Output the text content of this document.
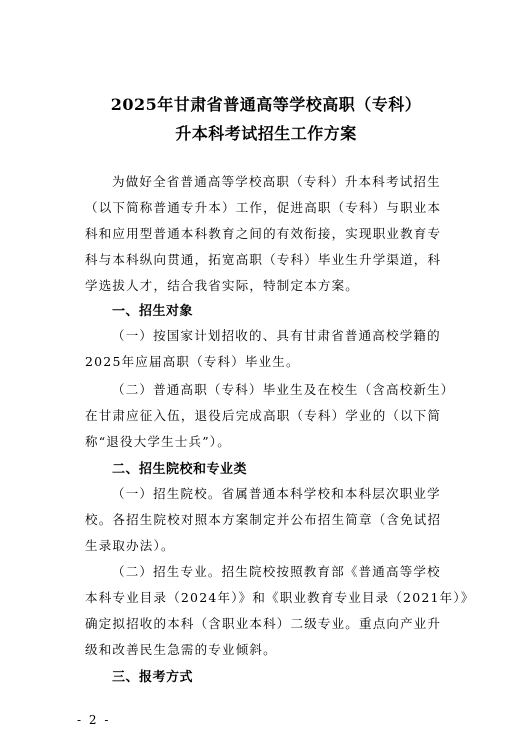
2025年甘肃省普通高等学校高职（专科）
升本科考试招生工作方案
为做好全省普通高等学校高职（专科）升本科考试招生
（以下简称普通专升本）工作，促进高职（专科）与职业本
科和应用型普通本科教育之间的有效衔接，实现职业教育专
科与本科纵向贯通，拓宽高职（专科）毕业生升学渠道，科
学选拔人才，结合我省实际，特制定本方案。
一、招生对象
（一）按国家计划招收的、具有甘肃省普通高校学籍的
2025年应届高职（专科）毕业生。
（二）普通高职（专科）毕业生及在校生（含高校新生）
在甘肃应征入伍，退役后完成高职（专科）学业的（以下简
称“退役大学生士兵”）。
二、招生院校和专业类
（一）招生院校。省属普通本科学校和本科层次职业学
校。各招生院校对照本方案制定并公布招生简章（含免试招
生录取办法）。
（二）招生专业。招生院校按照教育部《普通高等学校
本科专业目录（2024年）》和《职业教育专业目录（2021年）》
确定拟招收的本科（含职业本科）二级专业。重点向产业升
级和改善民生急需的专业倾斜。
三、报考方式
- 2 -
